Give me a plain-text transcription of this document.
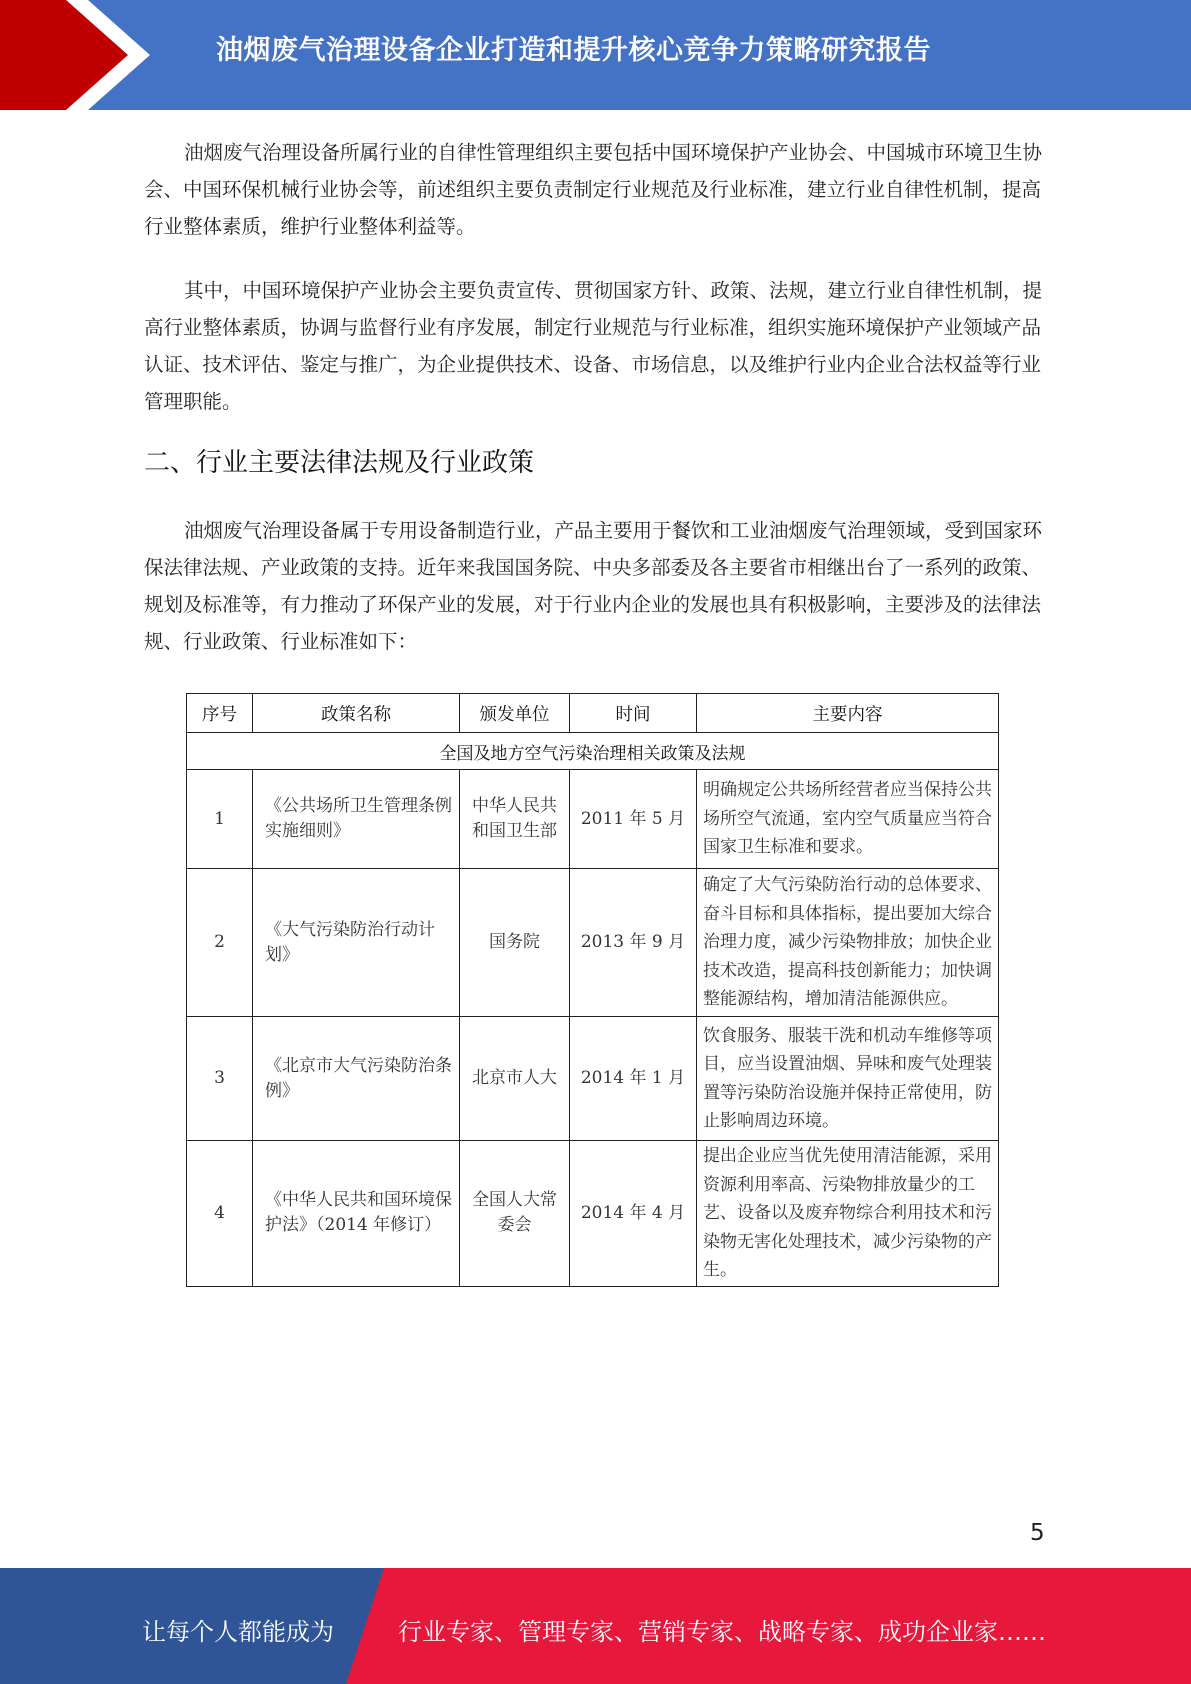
油烟废气治理设备企业打造和提升核心竞争力策略研究报告

油烟废气治理设备所属行业的自律性管理组织主要包括中国环境保护产业协会、中国城市环境卫生协会、中国环保机械行业协会等，前述组织主要负责制定行业规范及行业标准，建立行业自律性机制，提高行业整体素质，维护行业整体利益等。

其中，中国环境保护产业协会主要负责宣传、贯彻国家方针、政策、法规，建立行业自律性机制，提高行业整体素质，协调与监督行业有序发展，制定行业规范与行业标准，组织实施环境保护产业领域产品认证、技术评估、鉴定与推广，为企业提供技术、设备、市场信息，以及维护行业内企业合法权益等行业管理职能。

二、行业主要法律法规及行业政策

油烟废气治理设备属于专用设备制造行业，产品主要用于餐饮和工业油烟废气治理领域，受到国家环保法律法规、产业政策的支持。近年来我国国务院、中央多部委及各主要省市相继出台了一系列的政策、规划及标准等，有力推动了环保产业的发展，对于行业内企业的发展也具有积极影响，主要涉及的法律法规、行业政策、行业标准如下：

序号	政策名称	颁发单位	时间	主要内容
全国及地方空气污染治理相关政策及法规				
1	《公共场所卫生管理条例实施细则》	中华人民共和国卫生部	2011 年 5 月	明确规定公共场所经营者应当保持公共场所空气流通，室内空气质量应当符合国家卫生标准和要求。
2	《大气污染防治行动计划》	国务院	2013 年 9 月	确定了大气污染防治行动的总体要求、奋斗目标和具体指标，提出要加大综合治理力度，减少污染物排放；加快企业技术改造，提高科技创新能力；加快调整能源结构，增加清洁能源供应。
3	《北京市大气污染防治条例》	北京市人大	2014 年 1 月	饮食服务、服装干洗和机动车维修等项目，应当设置油烟、异味和废气处理装置等污染防治设施并保持正常使用，防止影响周边环境。
4	《中华人民共和国环境保护法》（2014 年修订）	全国人大常委会	2014 年 4 月	提出企业应当优先使用清洁能源，采用资源利用率高、污染物排放量少的工艺、设备以及废弃物综合利用技术和污染物无害化处理技术，减少污染物的产生。
5
让每个人都能成为	行业专家、管理专家、营销专家、战略专家、成功企业家……
